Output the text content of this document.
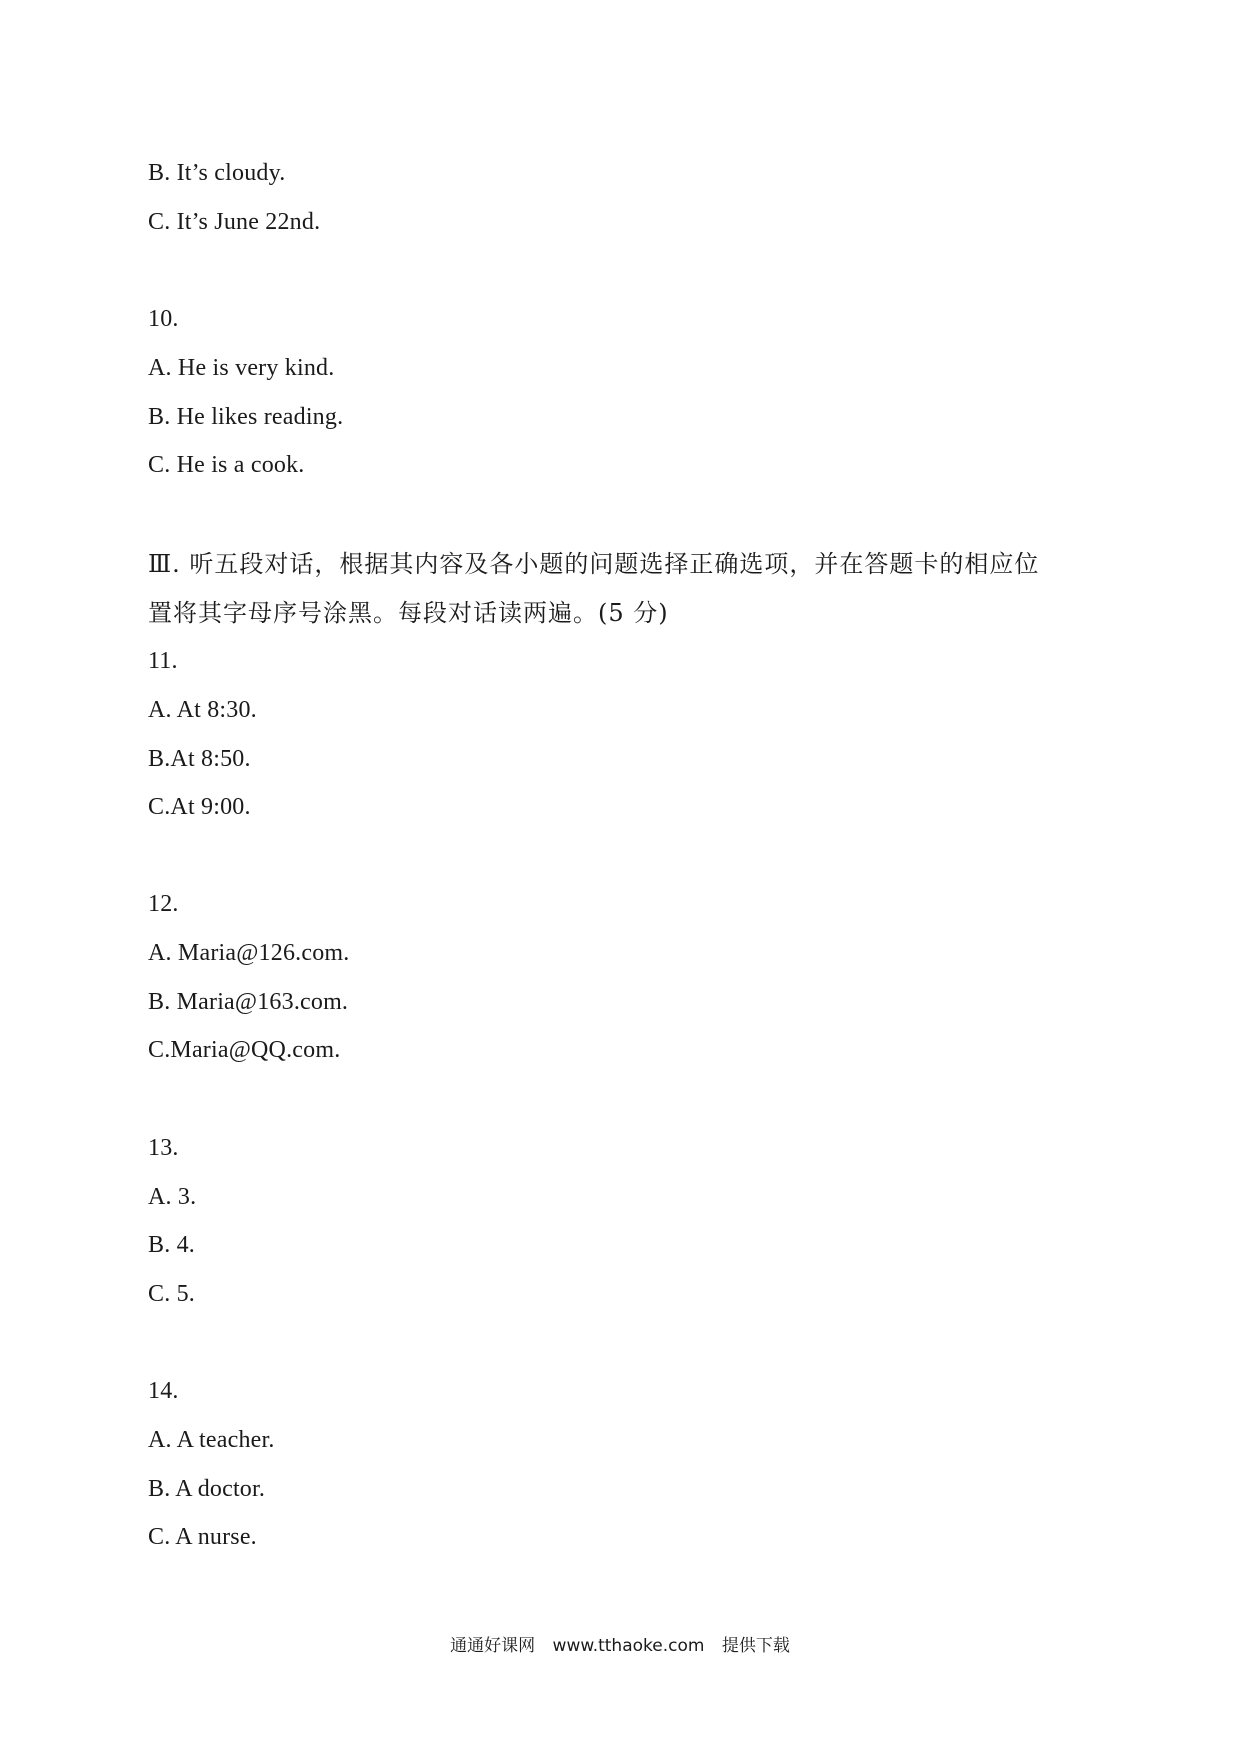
B. It’s cloudy.
C. It’s June 22nd.
10.
A. He is very kind.
B. He likes reading.
C. He is a cook.
Ⅲ. 听五段对话，根据其内容及各小题的问题选择正确选项，并在答题卡的相应位
置将其字母序号涂黑。每段对话读两遍。(5 分)
11.
A. At 8:30.
B.At 8:50.
C.At 9:00.
12.
A. Maria@126.com.
B. Maria@163.com.
C.Maria@QQ.com.
13.
A. 3.
B. 4.
C. 5.
14.
A. A teacher.
B. A doctor.
C. A nurse.
通通好课网 www.tthaoke.com 提供下载
